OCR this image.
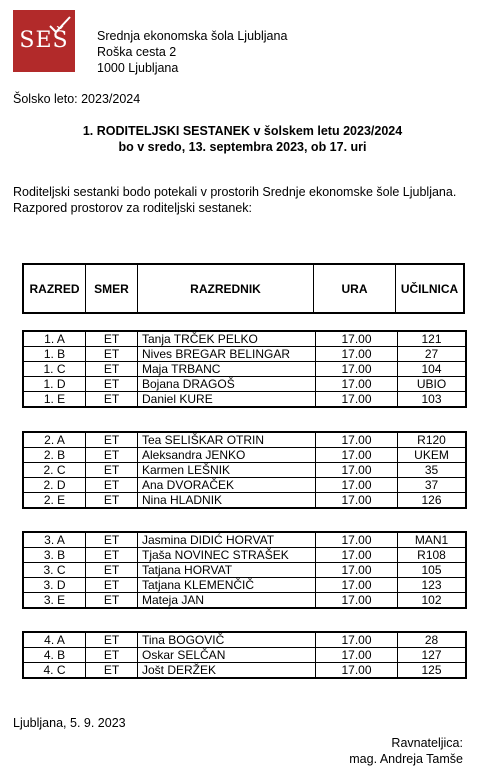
SEŠ	Srednja ekonomska šola Ljubljana
Roška cesta 2
1000 Ljubljana
Šolsko leto: 2023/2024
1. RODITELJSKI SESTANEK v šolskem letu 2023/2024
bo v sredo, 13. septembra 2023, ob 17. uri
Roditeljski sestanki bodo potekali v prostorih Srednje ekonomske šole Ljubljana.
Razpored prostorov za roditeljski sestanek:
RAZRED	SMER	RAZREDNIK	URA	UČILNICA
1. A	ET	Tanja TRČEK PELKO	17.00	121
1. B	ET	Nives BREGAR BELINGAR	17.00	27
1. C	ET	Maja TRBANC	17.00	104
1. D	ET	Bojana DRAGOŠ	17.00	UBIO
1. E	ET	Daniel KURE	17.00	103
2. A	ET	Tea SELIŠKAR OTRIN	17.00	R120
2. B	ET	Aleksandra JENKO	17.00	UKEM
2. C	ET	Karmen LEŠNIK	17.00	35
2. D	ET	Ana DVORAČEK	17.00	37
2. E	ET	Nina HLADNIK	17.00	126
3. A	ET	Jasmina DIDIĆ HORVAT	17.00	MAN1
3. B	ET	Tjaša NOVINEC STRAŠEK	17.00	R108
3. C	ET	Tatjana HORVAT	17.00	105
3. D	ET	Tatjana KLEMENČIČ	17.00	123
3. E	ET	Mateja JAN	17.00	102
4. A	ET	Tina BOGOVIČ	17.00	28
4. B	ET	Oskar SELČAN	17.00	127
4. C	ET	Jošt DERŽEK	17.00	125
Ljubljana, 5. 9. 2023
Ravnateljica:
mag. Andreja Tamše
